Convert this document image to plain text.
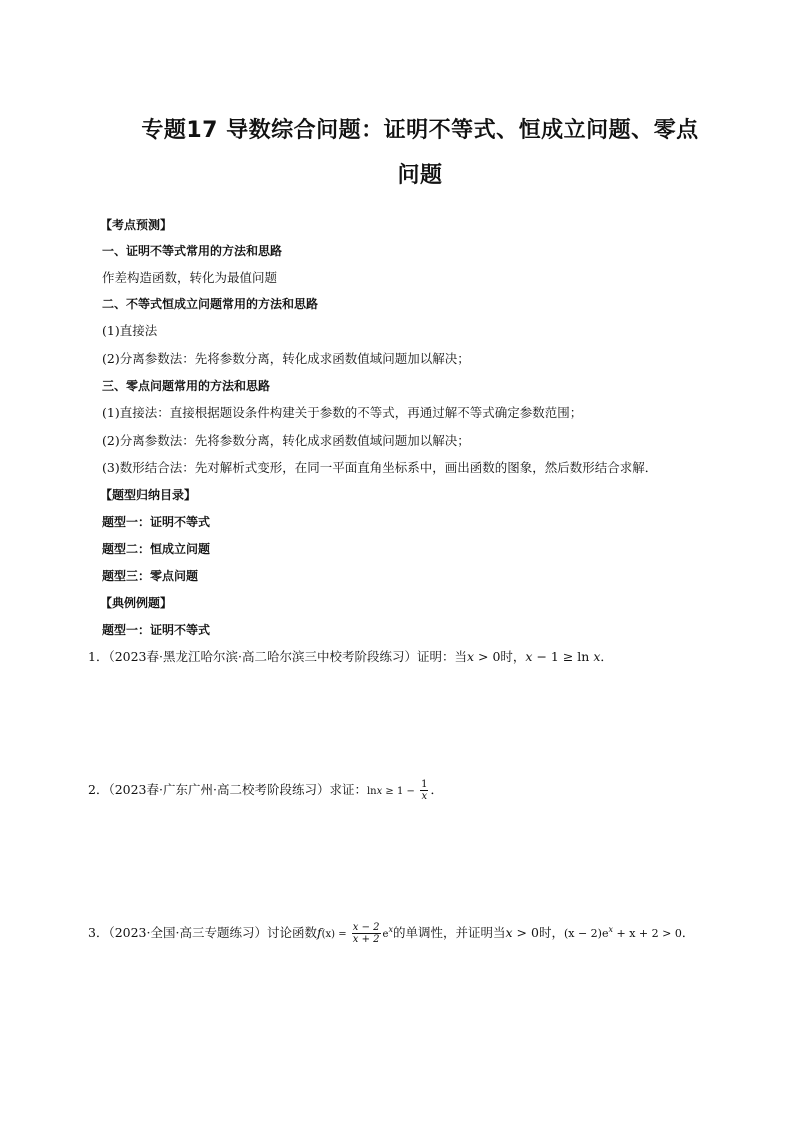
专题17 导数综合问题：证明不等式、恒成立问题、零点
问题
【考点预测】
一、证明不等式常用的方法和思路
作差构造函数，转化为最值问题
二、不等式恒成立问题常用的方法和思路
(1)直接法
(2)分离参数法：先将参数分离，转化成求函数值域问题加以解决；
三、零点问题常用的方法和思路
(1)直接法：直接根据题设条件构建关于参数的不等式，再通过解不等式确定参数范围；
(2)分离参数法：先将参数分离，转化成求函数值域问题加以解决；
(3)数形结合法：先对解析式变形，在同一平面直角坐标系中，画出函数的图象，然后数形结合求解．
【题型归纳目录】
题型一：证明不等式
题型二：恒成立问题
题型三：零点问题
【典例例题】
题型一：证明不等式
1．（2023春·黑龙江哈尔滨·高二哈尔滨三中校考阶段练习）证明：当x > 0时，x − 1 ≥ ln x．
2．（2023春·广东广州·高二校考阶段练习）求证：$\ln x \ge 1 - \frac{1}{x}$ ．
3．（2023·全国·高三专题练习）讨论函数$f(x) = \frac{x - 2}{x + 2} e^x$的单调性，并证明当x > 0时，$(x - 2)e^x + x + 2 > 0$．
